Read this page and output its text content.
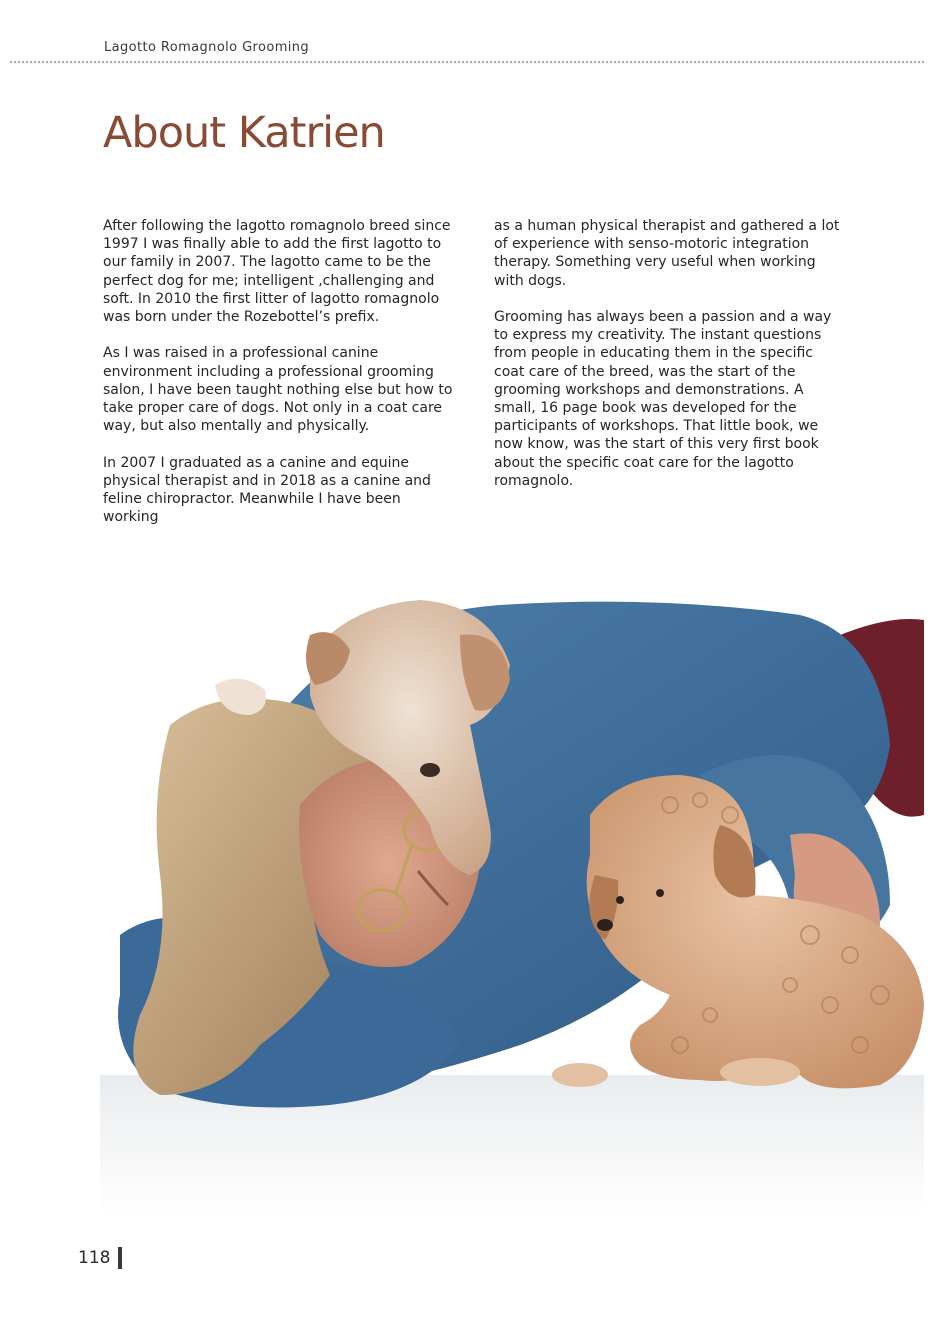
Lagotto Romagnolo Grooming
About Katrien

After following the lagotto romagnolo breed since 1997 I was finally able to add the first lagotto to our family in 2007. The lagotto came to be the perfect dog for me; intelligent ,challenging and soft. In 2010 the first litter of lagotto romagnolo was born under the Rozebottel’s prefix.

As I was raised in a professional canine environment including a professional grooming salon, I have been taught nothing else but how to take proper care of dogs. Not only in a coat care way, but also mentally and physically.

In 2007 I graduated as a canine and equine physical therapist and in 2018 as a canine and feline chiropractor. Meanwhile I have been working

as a human physical therapist and gathered a lot of experience with senso-motoric integration therapy. Something very useful when working with dogs.

Grooming has always been a passion and a way to express my creativity. The instant questions from people in educating them in the specific coat care of the breed, was the start of the grooming workshops and demonstrations. A small, 16 page book was developed for the participants of workshops. That little book, we now know, was the start of this very first book about the specific coat care for the lagotto romagnolo.

118
